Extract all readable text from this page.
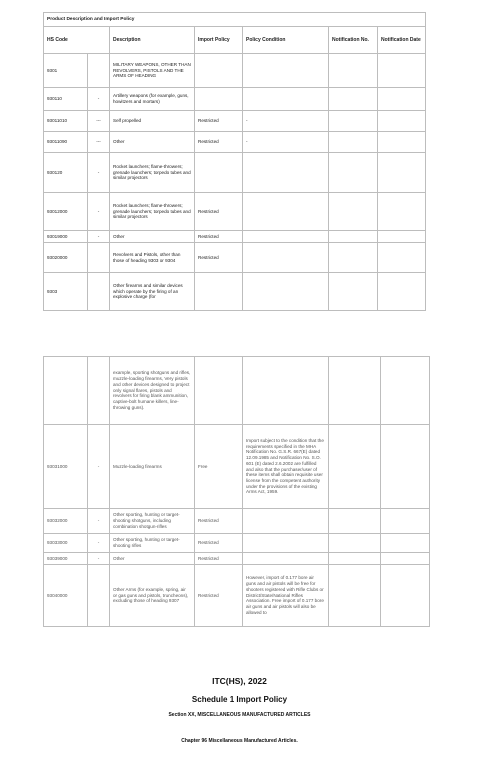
Product Description and Import Policy						
HS Code		Description	Import Policy	Policy Condition	Notification No.	Notification Date
9301		MILITARY WEAPONS, OTHER THAN REVOLVERS, PISTOLS AND THE ARMS OF HEADING				
930110	-	Artillery weapons (for example, guns, howitzers and mortars)				
93011010	---	Self propelled	Restricted	-		
93011090	---	Other	Restricted	-		
930120	-	Rocket launchers; flame-throwers; grenade launchers; torpedo tubes and similar projectors				
93012000	-	Rocket launchers; flame-throwers; grenade launchers; torpedo tubes and similar projectors	Restricted			
93019000	-	Other	Restricted			
93020000		Revolvers and Pistols, other than those of heading 9303 or 9304	Restricted			
9303		Other firearms and similar devices which operate by the firing of an explosive charge (for				
		example, sporting shotguns and rifles, muzzle-loading firearms, Very pistols and other devices designed to project only signal flares, pistols and revolvers for firing blank ammunition, captive-bolt humane killers, line-throwing guns).				
93031000	-	Muzzle-loading firearms	Free	Import subject to the condition that the requirements specified in the MHA Notification No. G.S.R. 667(E) dated 12.09.1985 and Notification No. S.O. 601 (E) dated 2.6.2002 are fulfilled and also that the purchaser/user of these items shall obtain requisite user license from the competent authority under the provisions of the existing Arms Act, 1959.		
93032000	-	Other sporting, hunting or target-shooting shotguns, including combination shotgun-rifles	Restricted			
93033000	-	Other sporting, hunting or target-shooting rifles	Restricted			
93039000	-	Other	Restricted			
93040000		Other Arms (for example, spring, air or gas guns and pistols, truncheons), excluding those of heading 9307	Restricted	However, import of 0.177 bore air guns and air pistols will be free for shooters registered with Rifle Clubs or District/State/National Rifles Association. Free import of 0.177 bore air guns and air pistols will also be allowed to		
ITC(HS), 2022
Schedule 1 Import Policy
Section XX, MISCELLANEOUS MANUFACTURED ARTICLES
Chapter 96 Miscellaneous Manufactured Articles.
